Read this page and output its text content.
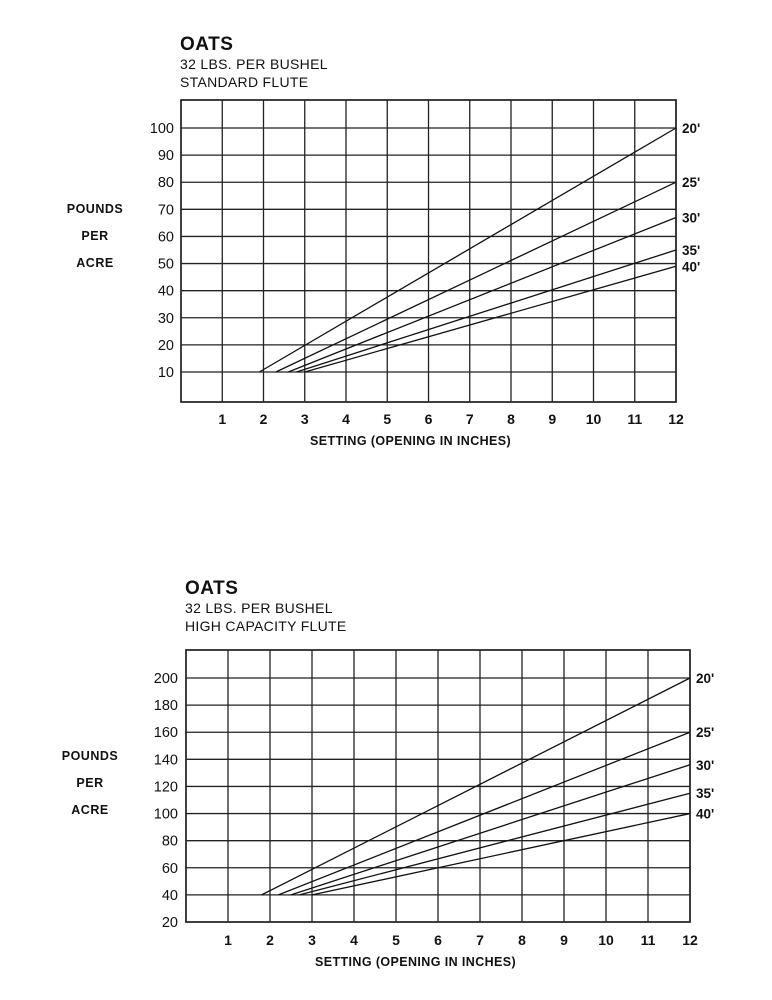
OATS
32 LBS. PER BUSHEL
STANDARD FLUTE
POUNDS
PER
ACRE
SETTING (OPENING IN INCHES)
1 2 3 4 5 6 7 8 9 10 11 12
10
20
30
40
50
60
70
80
90
100	20'
25'
30'
35'
40'
OATS
32 LBS. PER BUSHEL
HIGH CAPACITY FLUTE
POUNDS
PER
ACRE
SETTING (OPENING IN INCHES)
1 2 3 4 5 6 7 8 9 10 11 12
20
40
60
80
100
120
140
160
180
200	20'
25'
30'
35'
40'
